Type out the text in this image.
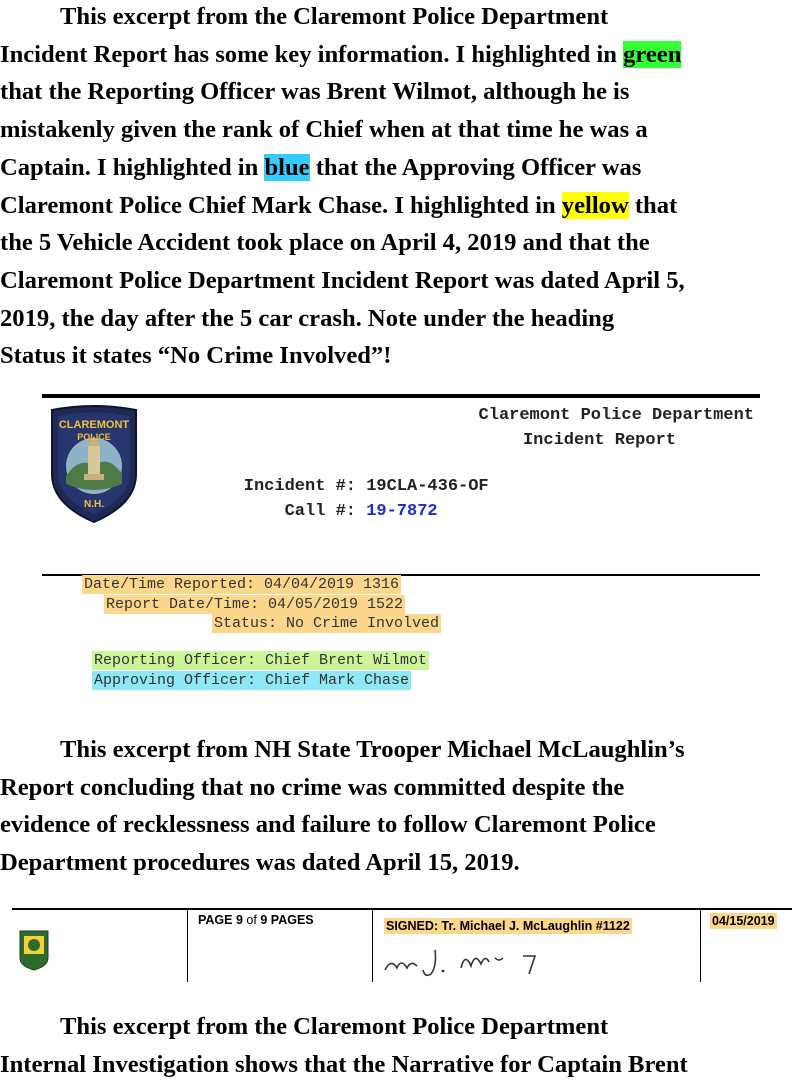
This excerpt from the Claremont Police Department
Incident Report has some key information. I highlighted in green
that the Reporting Officer was Brent Wilmot, although he is
mistakenly given the rank of Chief when at that time he was a
Captain. I highlighted in blue that the Approving Officer was
Claremont Police Chief Mark Chase. I highlighted in yellow that
the 5 Vehicle Accident took place on April 4, 2019 and that the
Claremont Police Department Incident Report was dated April 5,
2019, the day after the 5 car crash. Note under the heading
Status it states “No Crime Involved”!
CLAREMONT
POLICE
N.H.
Claremont Police Department
Incident Report
Incident #: 19CLA-436-OF
Call #: 19-7872
Date/Time Reported: 04/04/2019 1316
Report Date/Time: 04/05/2019 1522
Status: No Crime Involved
Reporting Officer: Chief Brent Wilmot
Approving Officer: Chief Mark Chase
This excerpt from NH State Trooper Michael McLaughlin’s
Report concluding that no crime was committed despite the
evidence of recklessness and failure to follow Claremont Police
Department procedures was dated April 15, 2019.
PAGE 9 of 9 PAGES	SIGNED: Tr. Michael J. McLaughlin #1122	04/15/2019
This excerpt from the Claremont Police Department
Internal Investigation shows that the Narrative for Captain Brent
